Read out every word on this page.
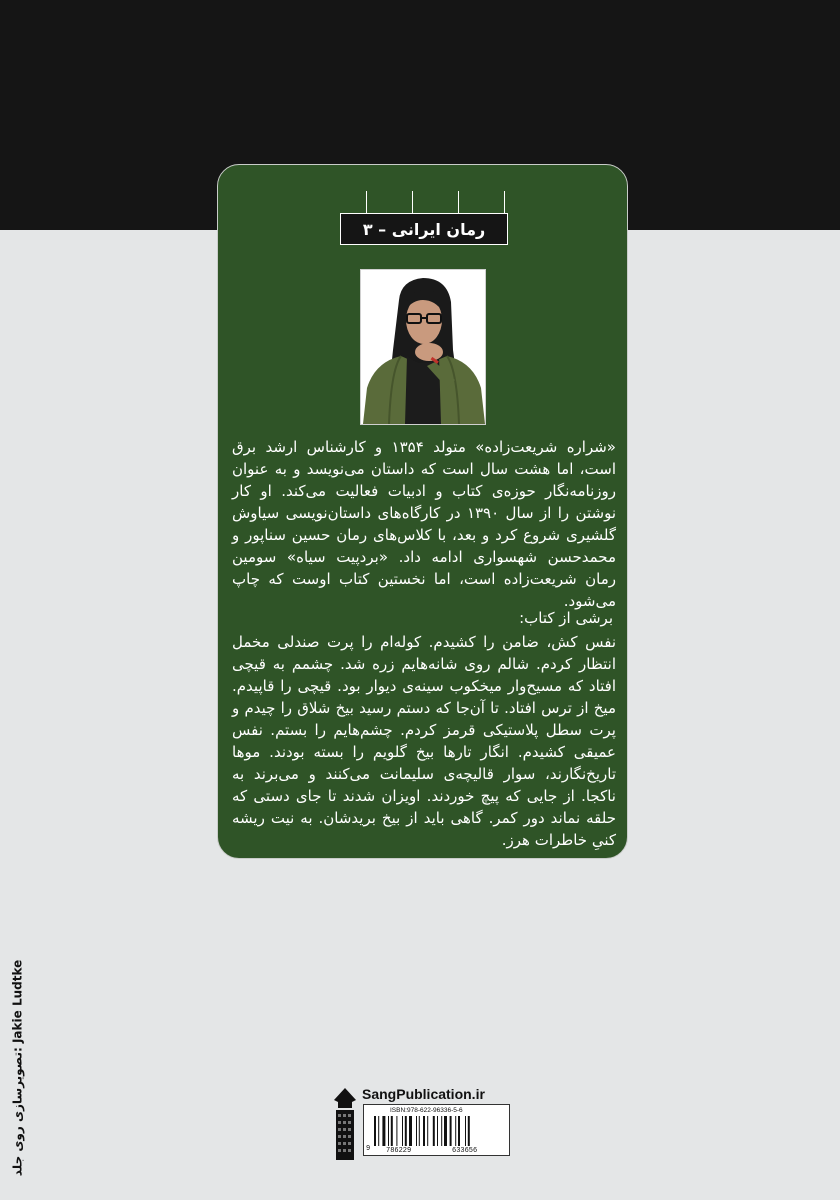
رمان ایرانی – ۳

«شراره شریعت‌زاده» متولد ۱۳۵۴ و کارشناس ارشد برق است، اما هشت سال است که داستان می‌نویسد و به عنوان روزنامه‌نگار حوزه‌ی کتاب و ادبیات فعالیت می‌کند. او کار نوشتن را از سال ۱۳۹۰ در کارگاه‌های داستان‌نویسی سیاوش گلشیری شروع کرد و بعد، با کلاس‌های رمان حسین سناپور و محمدحسن شهسواری ادامه داد. «بردپیت سیاه» سومین رمان شریعت‌زاده است، اما نخستین کتاب اوست که چاپ می‌شود.

برشی از کتاب:

نفس کش، ضامن را کشیدم. کوله‌ام را پرت صندلی مخمل انتظار کردم. شالم روی شانه‌هایم زره شد. چشمم به قیچی افتاد که مسیح‌وار میخکوب سینه‌ی دیوار بود. قیچی را قاپیدم. میخ از ترس افتاد. تا آن‌جا که دستم رسید بیخ شلاق را چیدم و پرت سطل پلاستیکی قرمز کردم. چشم‌هایم را بستم. نفس عمیقی کشیدم. انگار تارها بیخ گلویم را بسته بودند. موها تاریخ‌نگارند، سوار قالیچه‌ی سلیمانت می‌کنند و می‌برند به ناکجا. از جایی که پیچ خوردند. اویزان شدند تا جای دستی که حلقه نماند دور کمر. گاهی باید از بیخ بریدشان. به نیت ریشه کنیِ خاطرات هرز.

تصویرسازی روی جلد: Jakie Ludtke
SangPublication.ir
ISBN:978-622-96336-5-6
9 786229	633656
